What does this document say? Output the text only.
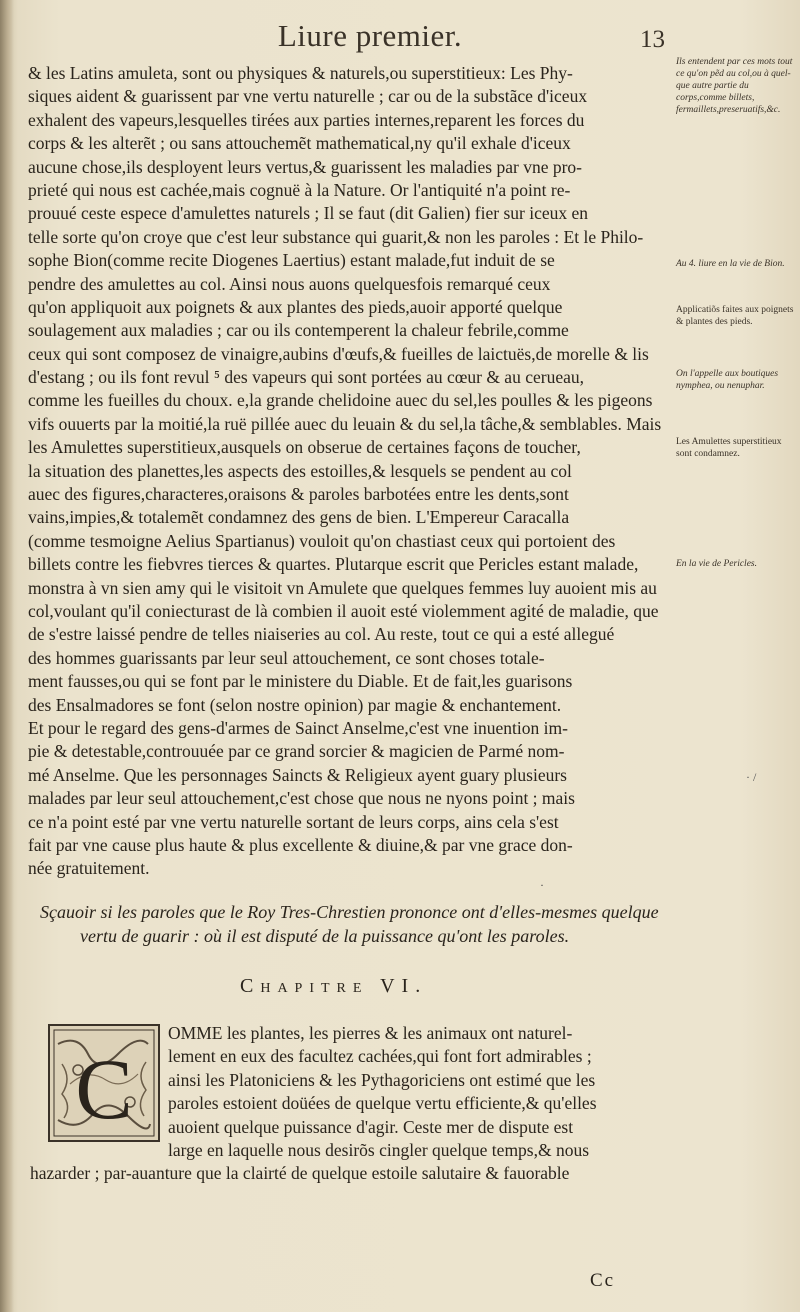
Liure premier.	13
& les Latins amuleta, sont ou physiques & naturels,ou superstitieux: Les Phy-
siques aident & guarissent par vne vertu naturelle ; car ou de la substãce d'iceux
exhalent des vapeurs,lesquelles tirées aux parties internes,reparent les forces du
corps & les alterẽt ; ou sans attouchemẽt mathematical,ny qu'il exhale d'iceux
aucune chose,ils desployent leurs vertus,& guarissent les maladies par vne pro-
prieté qui nous est cachée,mais cognuë à la Nature. Or l'antiquité n'a point re-
prouué ceste espece d'amulettes naturels ; Il se faut (dit Galien) fier sur iceux en
telle sorte qu'on croye que c'est leur substance qui guarit,& non les paroles : Et le Philo-
sophe Bion(comme recite Diogenes Laertius) estant malade,fut induit de se
pendre des amulettes au col. Ainsi nous auons quelquesfois remarqué ceux
qu'on appliquoit aux poignets & aux plantes des pieds,auoir apporté quelque
soulagement aux maladies ; car ou ils contemperent la chaleur febrile,comme
ceux qui sont composez de vinaigre,aubins d'œufs,& fueilles de laictuës,de morelle & lis
d'estang ; ou ils font revul ⁵ des vapeurs qui sont portées au cœur & au cerueau,
comme les fueilles du choux. e,la grande chelidoine auec du sel,les poulles & les pigeons
vifs ouuerts par la moitié,la ruë pillée auec du leuain & du sel,la tâche,& semblables. Mais
les Amulettes superstitieux,ausquels on obserue de certaines façons de toucher,
la situation des planettes,les aspects des estoilles,& lesquels se pendent au col
auec des figures,characteres,oraisons & paroles barbotées entre les dents,sont
vains,impies,& totalemẽt condamnez des gens de bien. L'Empereur Caracalla
(comme tesmoigne Aelius Spartianus) vouloit qu'on chastiast ceux qui portoient des
billets contre les fiebvres tierces & quartes. Plutarque escrit que Pericles estant malade,
monstra à vn sien amy qui le visitoit vn Amulete que quelques femmes luy auoient mis au
col,voulant qu'il coniecturast de là combien il auoit esté violemment agité de maladie, que
de s'estre laissé pendre de telles niaiseries au col. Au reste, tout ce qui a esté allegué
des hommes guarissants par leur seul attouchement, ce sont choses totale-
ment fausses,ou qui se font par le ministere du Diable. Et de fait,les guarisons
des Ensalmadores se font (selon nostre opinion) par magie & enchantement.
Et pour le regard des gens-d'armes de Sainct Anselme,c'est vne inuention im-
pie & detestable,controuuée par ce grand sorcier & magicien de Parmé nom-
mé Anselme. Que les personnages Saincts & Religieux ayent guary plusieurs
malades par leur seul attouchement,c'est chose que nous ne nyons point ; mais
ce n'a point esté par vne vertu naturelle sortant de leurs corps, ains cela s'est
fait par vne cause plus haute & plus excellente & diuine,& par vne grace don-
née gratuitement.
Ils entendent par ces mots tout ce qu'on pẽd au col,ou à quel-que autre partie du corps,comme billets, fermaillets,preseruatifs,&c.
Au 4. liure en la vie de Bion.
Applicatiõs faites aux poignets & plantes des pieds.
On l'appelle aux boutiques nymphea, ou nenuphar.
Les Amulettes superstitieux sont condamnez.
En la vie de Pericles.
·
· /
Sçauoir si les paroles que le Roy Tres-Chrestien prononce ont d'elles-mesmes quelque
vertu de guarir : où il est disputé de la puissance qu'ont les paroles.
Chapitre VI.
C
OMME les plantes, les pierres & les animaux ont naturel-
lement en eux des facultez cachées,qui font fort admirables ;
ainsi les Platoniciens & les Pythagoriciens ont estimé que les
paroles estoient doüées de quelque vertu efficiente,& qu'elles
auoient quelque puissance d'agir. Ceste mer de dispute est
large en laquelle nous desirõs cingler quelque temps,& nous
hazarder ; par-auanture que la clairté de quelque estoile salutaire & fauorable
Cc
